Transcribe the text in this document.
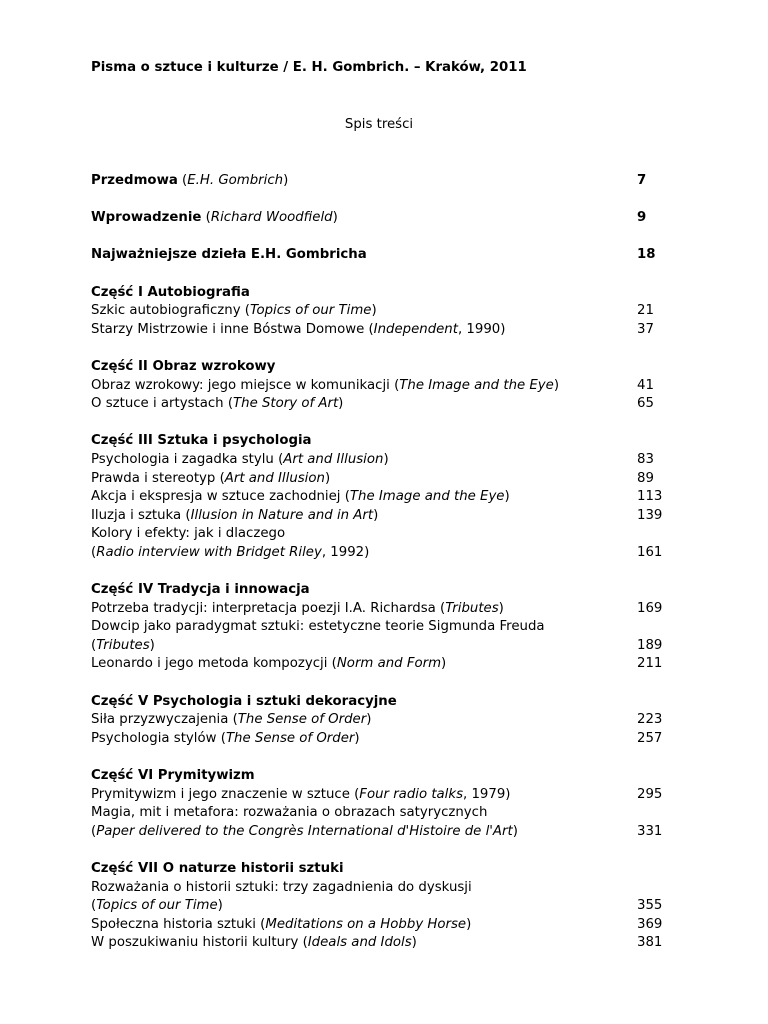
Pisma o sztuce i kulturze / E. H. Gombrich. – Kraków, 2011
Spis treści
Przedmowa (E.H. Gombrich)	7
Wprowadzenie (Richard Woodfield)	9
Najważniejsze dzieła E.H. Gombricha	18
Część I Autobiografia
Szkic autobiograficzny (Topics of our Time)	21
Starzy Mistrzowie i inne Bóstwa Domowe (Independent, 1990)	37
Część II Obraz wzrokowy
Obraz wzrokowy: jego miejsce w komunikacji (The Image and the Eye)	41
O sztuce i artystach (The Story of Art)	65
Część III Sztuka i psychologia
Psychologia i zagadka stylu (Art and Illusion)	83
Prawda i stereotyp (Art and Illusion)	89
Akcja i ekspresja w sztuce zachodniej (The Image and the Eye)	113
Iluzja i sztuka (Illusion in Nature and in Art)	139
Kolory i efekty: jak i dlaczego
(Radio interview with Bridget Riley, 1992)	161
Część IV Tradycja i innowacja
Potrzeba tradycji: interpretacja poezji I.A. Richardsa (Tributes)	169
Dowcip jako paradygmat sztuki: estetyczne teorie Sigmunda Freuda
(Tributes)	189
Leonardo i jego metoda kompozycji (Norm and Form)	211
Część V Psychologia i sztuki dekoracyjne
Siła przyzwyczajenia (The Sense of Order)	223
Psychologia stylów (The Sense of Order)	257
Część VI Prymitywizm
Prymitywizm i jego znaczenie w sztuce (Four radio talks, 1979)	295
Magia, mit i metafora: rozważania o obrazach satyrycznych
(Paper delivered to the Congrès International d'Histoire de l'Art)	331
Część VII O naturze historii sztuki
Rozważania o historii sztuki: trzy zagadnienia do dyskusji
(Topics of our Time)	355
Społeczna historia sztuki (Meditations on a Hobby Horse)	369
W poszukiwaniu historii kultury (Ideals and Idols)	381
